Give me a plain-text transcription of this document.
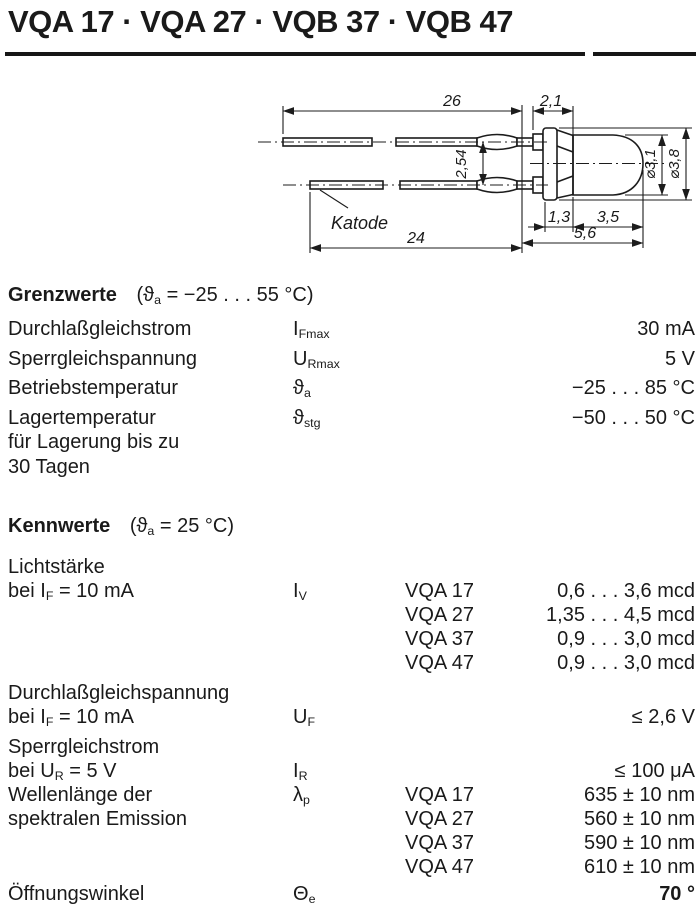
VQA 17 · VQA 27 · VQB 37 · VQB 47
26	2,1
2,54
Katode
24
1,3 3,5
5,6
⌀3,1 ⌀3,8
Grenzwerte ($ϑ_a = -25$ . . . 55 °C)
Durchlaßgleichstrom	$I_{Fmax}$	30 mA
Sperrgleichspannung	$U_{Rmax}$	5 V
Betriebstemperatur	$ϑ_a$	−25 . . . 85 °C
Lagertemperatur
für Lagerung bis zu
30 Tagen
$ϑ_{stg}$	−50 . . . 50 °C
Kennwerte ($ϑ_a = 25$ °C)
Lichtstärke
bei $I_F = 10$ mA	$I_V$	VQA 17	0,6 . . . 3,6 mcd
VQA 27	1,35 . . . 4,5 mcd
VQA 37	0,9 . . . 3,0 mcd
VQA 47	0,9 . . . 3,0 mcd
Durchlaßgleichspannung
bei $I_F = 10$ mA	$U_F$	≤ 2,6 V
Sperrgleichstrom
bei $U_R = 5$ V	$I_R$	≤ 100 μA
Wellenlänge der
spektralen Emission
$\lambda_p$	VQA 17	635 ± 10 nm
VQA 27	560 ± 10 nm
VQA 37	590 ± 10 nm
VQA 47	610 ± 10 nm
Öffnungswinkel	$\Theta_e$	70 °
